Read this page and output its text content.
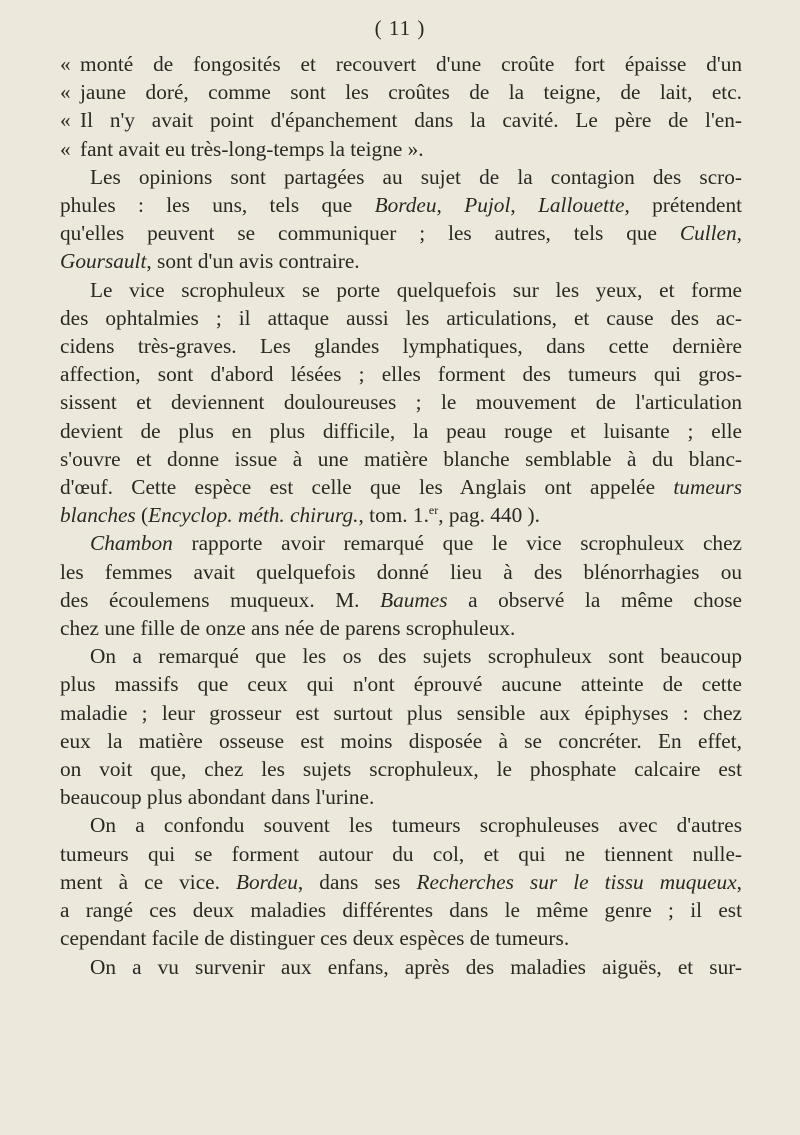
( 11 )
« monté de fongosités et recouvert d'une croûte fort épaisse d'un
« jaune doré, comme sont les croûtes de la teigne, de lait, etc.
« Il n'y avait point d'épanchement dans la cavité. Le père de l'en-
« fant avait eu très-long-temps la teigne ».
Les opinions sont partagées au sujet de la contagion des scro-
phules : les uns, tels que Bordeu, Pujol, Lallouette, prétendent
qu'elles peuvent se communiquer ; les autres, tels que Cullen,
Goursault, sont d'un avis contraire.
Le vice scrophuleux se porte quelquefois sur les yeux, et forme
des ophtalmies ; il attaque aussi les articulations, et cause des ac-
cidens très-graves. Les glandes lymphatiques, dans cette dernière
affection, sont d'abord lésées ; elles forment des tumeurs qui gros-
sissent et deviennent douloureuses ; le mouvement de l'articulation
devient de plus en plus difficile, la peau rouge et luisante ; elle
s'ouvre et donne issue à une matière blanche semblable à du blanc-
d'œuf. Cette espèce est celle que les Anglais ont appelée tumeurs
blanches (Encyclop. méth. chirurg., tom. 1.$^{er}$, pag. 440 ).
Chambon rapporte avoir remarqué que le vice scrophuleux chez
les femmes avait quelquefois donné lieu à des blénorrhagies ou
des écoulemens muqueux. M. Baumes a observé la même chose
chez une fille de onze ans née de parens scrophuleux.
On a remarqué que les os des sujets scrophuleux sont beaucoup
plus massifs que ceux qui n'ont éprouvé aucune atteinte de cette
maladie ; leur grosseur est surtout plus sensible aux épiphyses : chez
eux la matière osseuse est moins disposée à se concréter. En effet,
on voit que, chez les sujets scrophuleux, le phosphate calcaire est
beaucoup plus abondant dans l'urine.
On a confondu souvent les tumeurs scrophuleuses avec d'autres
tumeurs qui se forment autour du col, et qui ne tiennent nulle-
ment à ce vice. Bordeu, dans ses Recherches sur le tissu muqueux,
a rangé ces deux maladies différentes dans le même genre ; il est
cependant facile de distinguer ces deux espèces de tumeurs.
On a vu survenir aux enfans, après des maladies aiguës, et sur-
